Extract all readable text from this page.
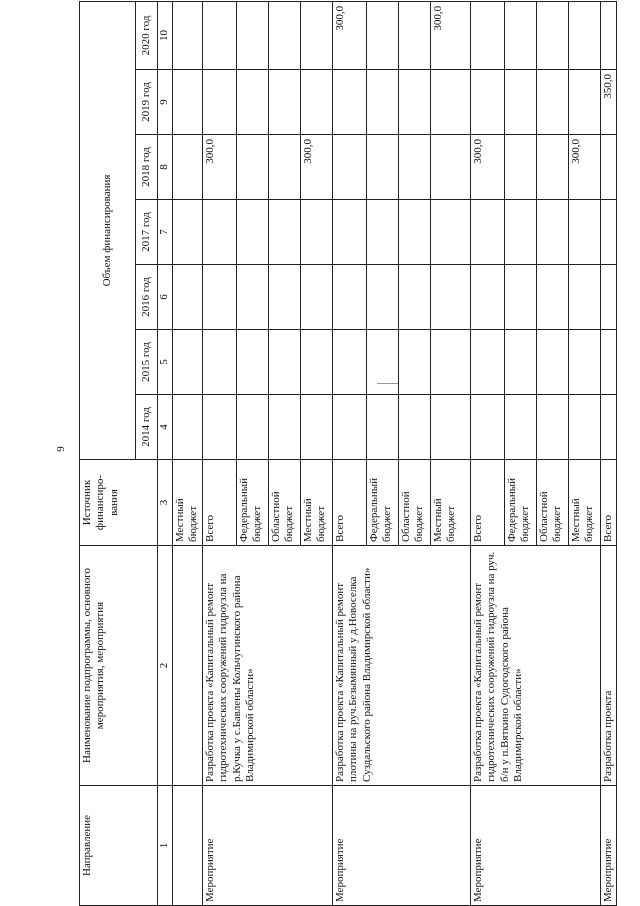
9
Направление	Наименование подпрограммы, основного мероприятия, мероприятия	Источник финансиро-вания	Объем финансирования						
			2014 год	2015 год	2016 год	2017 год	2018 год	2019 год	2020 год
1	2	3	4	5	6	7	8	9	10
		Местный бюджет							
Мероприятие	Разработка проекта «Капитальный ремонт гидротехнических сооружений гидроузла на р.Кучка у с.Бавлены Кольчугинского района Владимирской области»	Всего					300,0		
		Федеральный бюджет							
		Областной бюджет							
		Местный бюджет					300,0		
Мероприятие	Разработка проекта «Капитальный ремонт плотины на руч.Безымянный у д.Новоселка Суздальского района Владимирской области»	Всего							300,0
		Федеральный бюджет							
		Областной бюджет							
		Местный бюджет							300,0
Мероприятие	Разработка проекта «Капитальный ремонт гидротехнических сооружений гидроузла на руч. б/н у п.Вяткино Судогодского района Владимирской области»	Всего					300,0		
		Федеральный бюджет							
		Областной бюджет							
		Местный бюджет					300,0		
Мероприятие	Разработка проекта	Всего						350,0	
